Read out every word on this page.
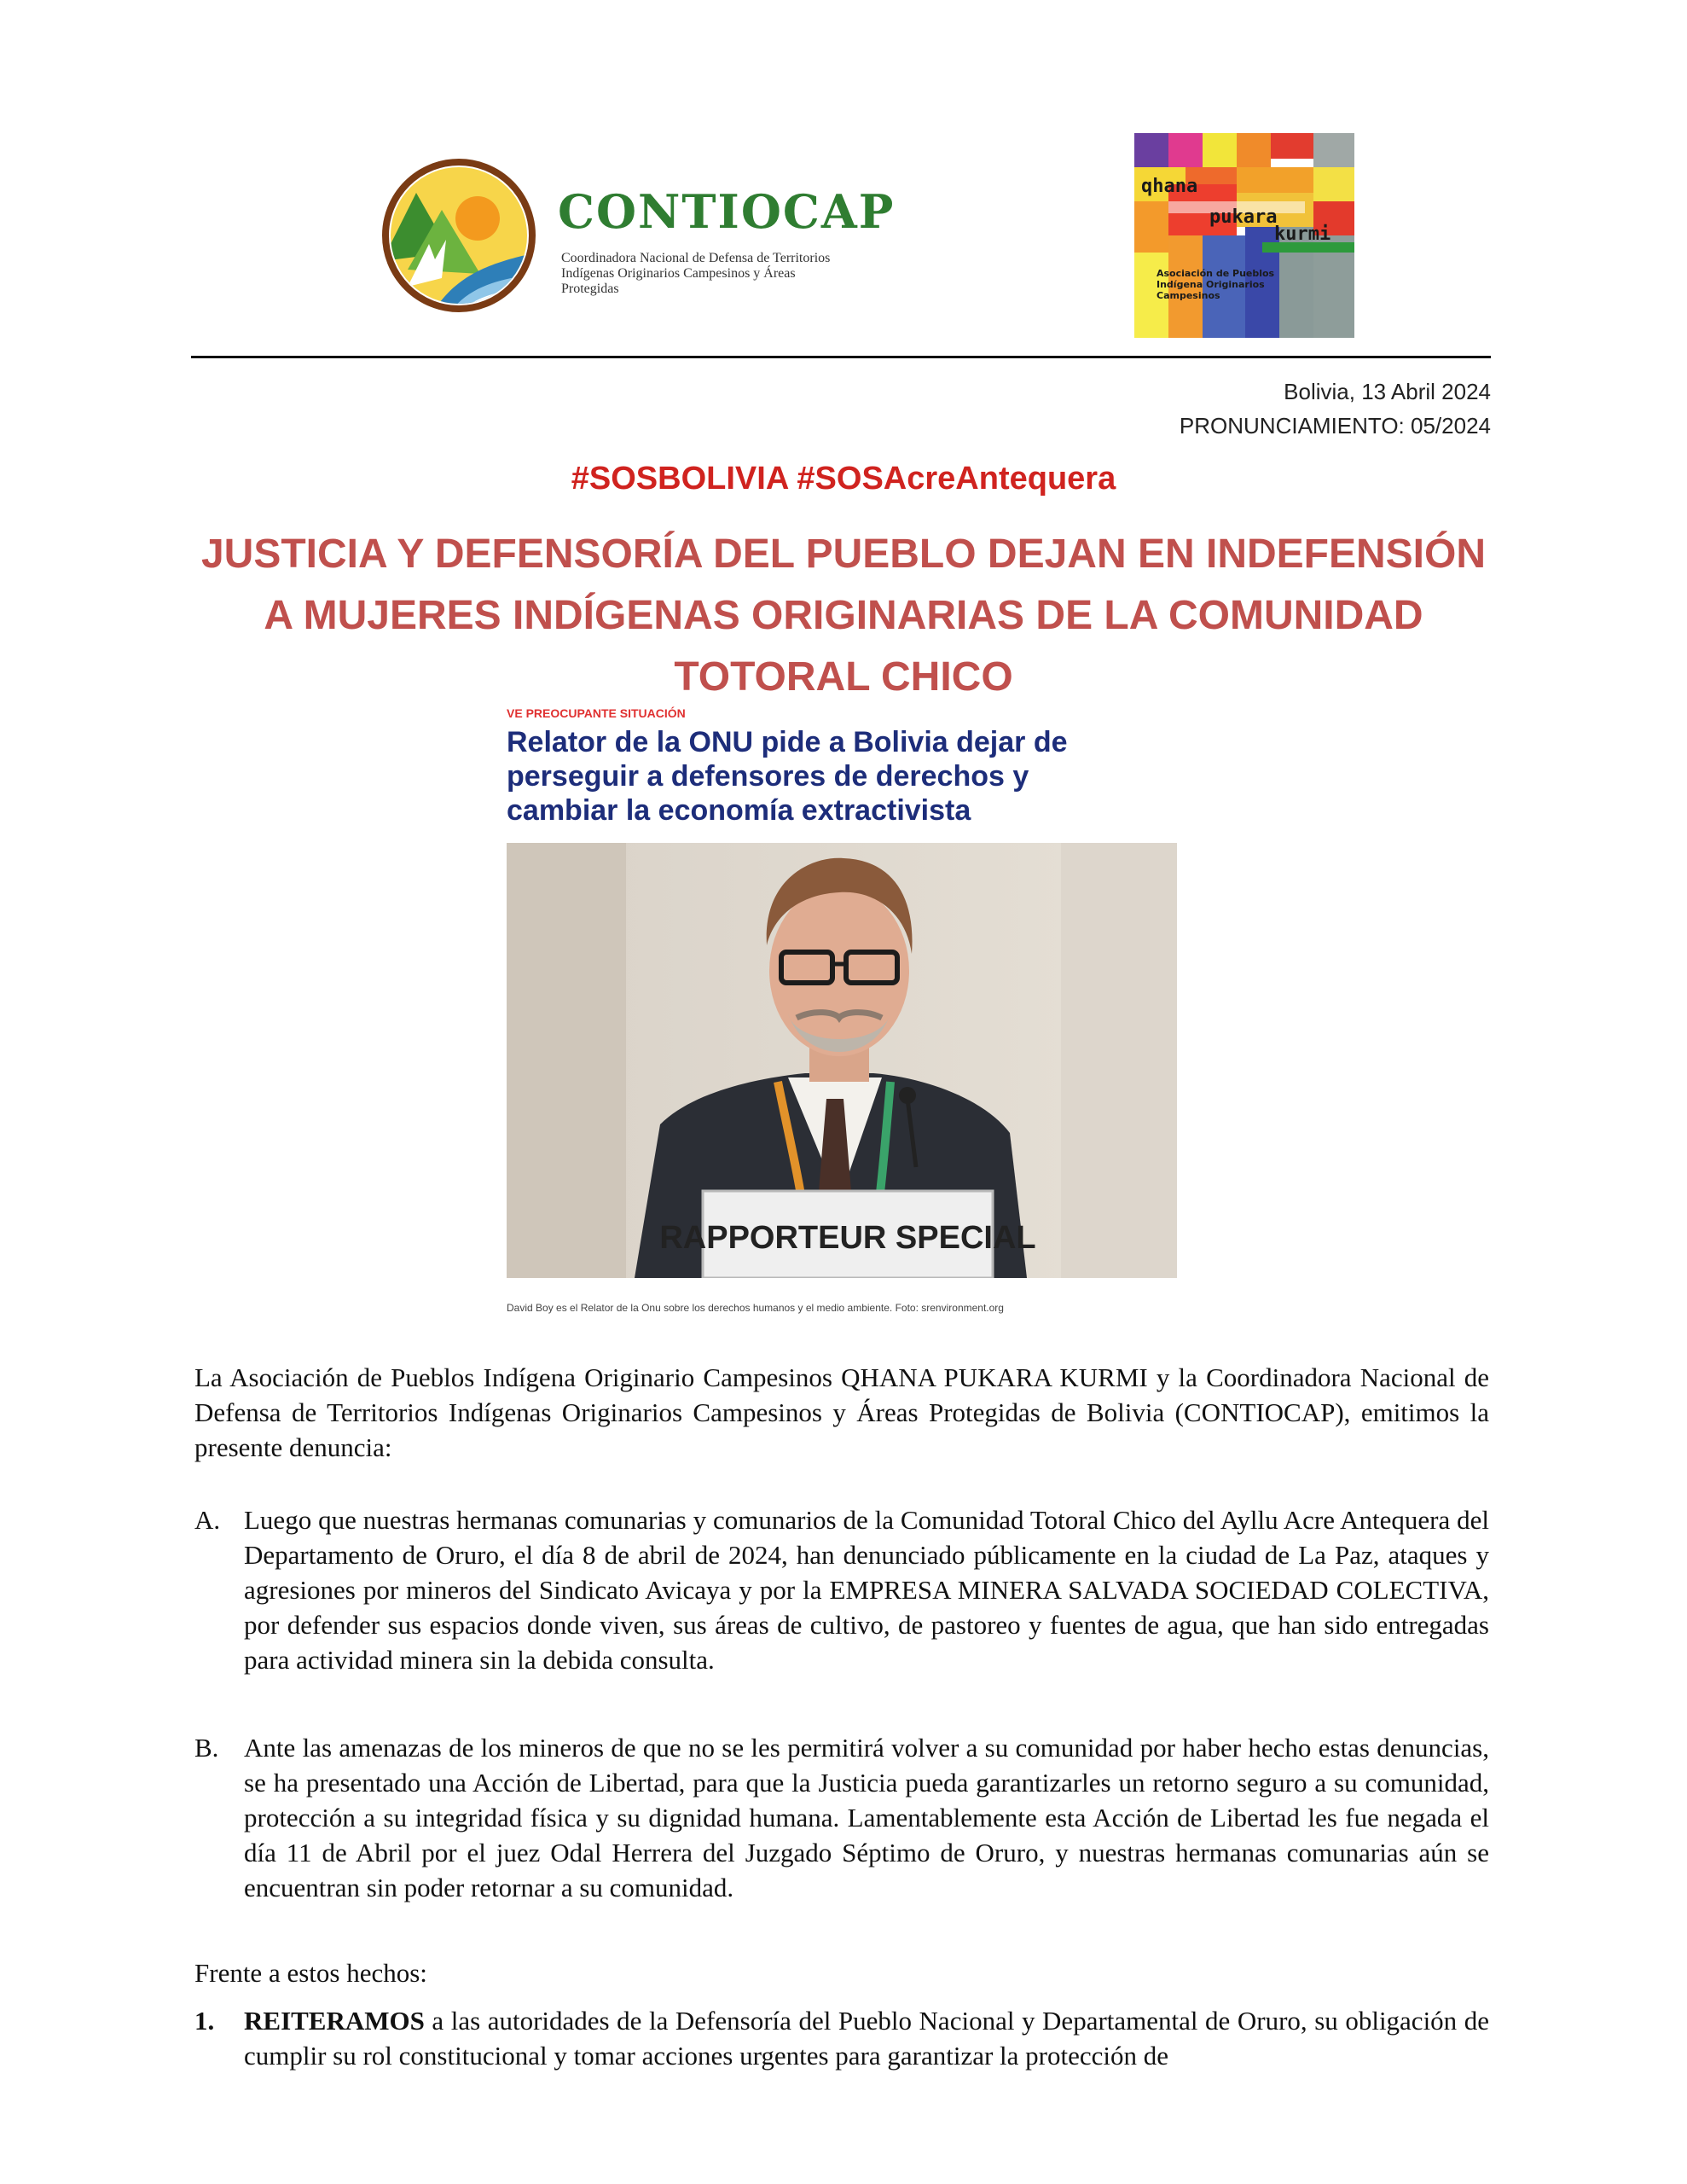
CONTIOCAP
Coordinadora Nacional de Defensa de Territorios
Indígenas Originarios Campesinos y Áreas Protegidas
qhana
pukara
kurmi
Asociación de Pueblos
Indígena Originarios
Campesinos
Bolivia, 13 Abril 2024
PRONUNCIAMIENTO: 05/2024
#SOSBOLIVIA #SOSAcreAntequera
JUSTICIA Y DEFENSORÍA DEL PUEBLO DEJAN EN INDEFENSIÓN
A MUJERES INDÍGENAS ORIGINARIAS DE LA COMUNIDAD
TOTORAL CHICO
VE PREOCUPANTE SITUACIÓN
Relator de la ONU pide a Bolivia dejar de
perseguir a defensores de derechos y
cambiar la economía extractivista
RAPPORTEUR SPECIAL
David Boy es el Relator de la Onu sobre los derechos humanos y el medio ambiente. Foto: srenvironment.org
La Asociación de Pueblos Indígena Originario Campesinos QHANA PUKARA KURMI y la Coordinadora Nacional de Defensa de Territorios Indígenas Originarios Campesinos y Áreas Protegidas de Bolivia (CONTIOCAP), emitimos la presente denuncia:
A. Luego que nuestras hermanas comunarias y comunarios de la Comunidad Totoral Chico del Ayllu Acre Antequera del Departamento de Oruro, el día 8 de abril de 2024, han denunciado públicamente en la ciudad de La Paz, ataques y agresiones por mineros del Sindicato Avicaya y por la EMPRESA MINERA SALVADA SOCIEDAD COLECTIVA, por defender sus espacios donde viven, sus áreas de cultivo, de pastoreo y fuentes de agua, que han sido entregadas para actividad minera sin la debida consulta.
B. Ante las amenazas de los mineros de que no se les permitirá volver a su comunidad por haber hecho estas denuncias, se ha presentado una Acción de Libertad, para que la Justicia pueda garantizarles un retorno seguro a su comunidad, protección a su integridad física y su dignidad humana. Lamentablemente esta Acción de Libertad les fue negada el día 11 de Abril por el juez Odal Herrera del Juzgado Séptimo de Oruro, y nuestras hermanas comunarias aún se encuentran sin poder retornar a su comunidad.
Frente a estos hechos:
1. REITERAMOS a las autoridades de la Defensoría del Pueblo Nacional y Departamental de Oruro, su obligación de cumplir su rol constitucional y tomar acciones urgentes para garantizar la protección de
